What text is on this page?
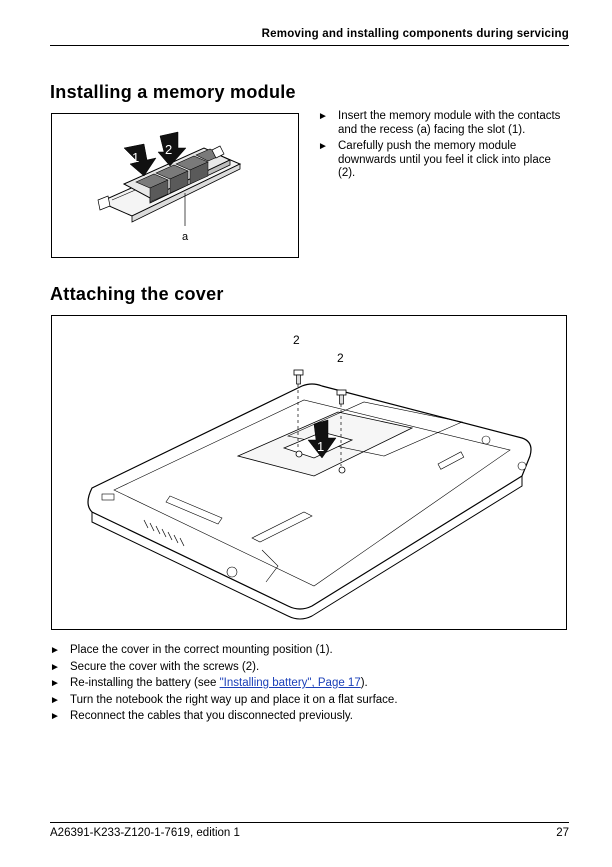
Removing and installing components during servicing
Installing a memory module
1
2
a
► Insert the memory module with the contacts and the recess (a) facing the slot (1).
► Carefully push the memory module downwards until you feel it click into place (2).
Attaching the cover
2
2
1
► Place the cover in the correct mounting position (1).
► Secure the cover with the screws (2).
► Re-installing the battery (see "Installing battery", Page 17).
► Turn the notebook the right way up and place it on a flat surface.
► Reconnect the cables that you disconnected previously.
A26391-K233-Z120-1-7619, edition 1	27
